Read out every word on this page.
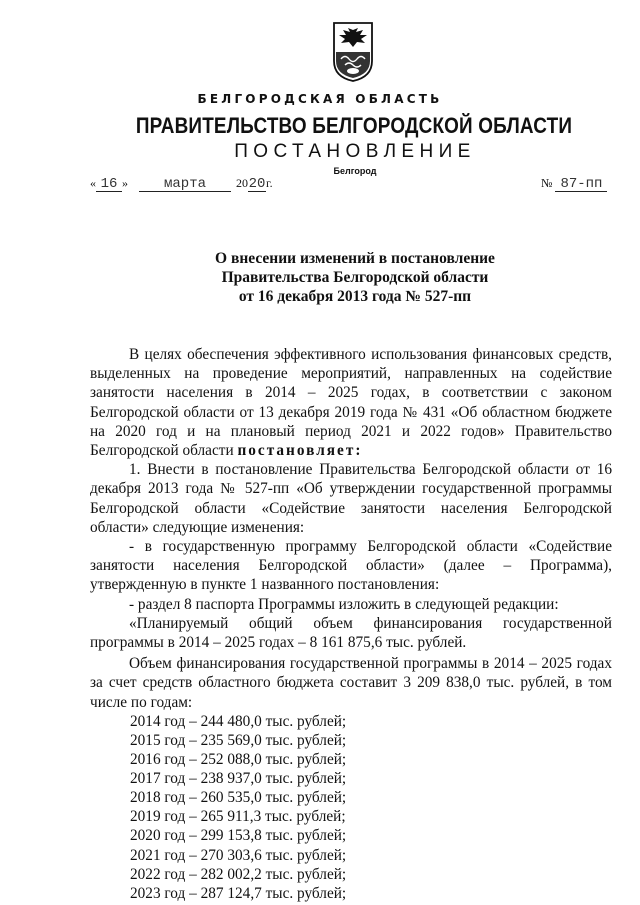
БЕЛГОРОДСКАЯ ОБЛАСТЬ
ПРАВИТЕЛЬСТВО БЕЛГОРОДСКОЙ ОБЛАСТИ
ПОСТАНОВЛЕНИЕ
Белгород
« 16 »	марта	2020г.	№ 87-пп
О внесении изменений в постановление
Правительства Белгородской области
от 16 декабря 2013 года № 527-пп

В целях обеспечения эффективного использования финансовых средств, выделенных на проведение мероприятий, направленных на содействие занятости населения в 2014 – 2025 годах, в соответствии с законом Белгородской области от 13 декабря 2019 года № 431 «Об областном бюджете на 2020 год и на плановый период 2021 и 2022 годов» Правительство Белгородской области постановляет:

1. Внести в постановление Правительства Белгородской области от 16 декабря 2013 года № 527-пп «Об утверждении государственной программы Белгородской области «Содействие занятости населения Белгородской области» следующие изменения:

- в государственную программу Белгородской области «Содействие занятости населения Белгородской области» (далее – Программа), утвержденную в пункте 1 названного постановления:

- раздел 8 паспорта Программы изложить в следующей редакции:

«Планируемый общий объем финансирования государственной программы в 2014 – 2025 годах – 8 161 875,6 тыс. рублей.

Объем финансирования государственной программы в 2014 – 2025 годах за счет средств областного бюджета составит 3 209 838,0 тыс. рублей, в том числе по годам:

2014 год – 244 480,0 тыс. рублей;
2015 год – 235 569,0 тыс. рублей;
2016 год – 252 088,0 тыс. рублей;
2017 год – 238 937,0 тыс. рублей;
2018 год – 260 535,0 тыс. рублей;
2019 год – 265 911,3 тыс. рублей;
2020 год – 299 153,8 тыс. рублей;
2021 год – 270 303,6 тыс. рублей;
2022 год – 282 002,2 тыс. рублей;
2023 год – 287 124,7 тыс. рублей;
